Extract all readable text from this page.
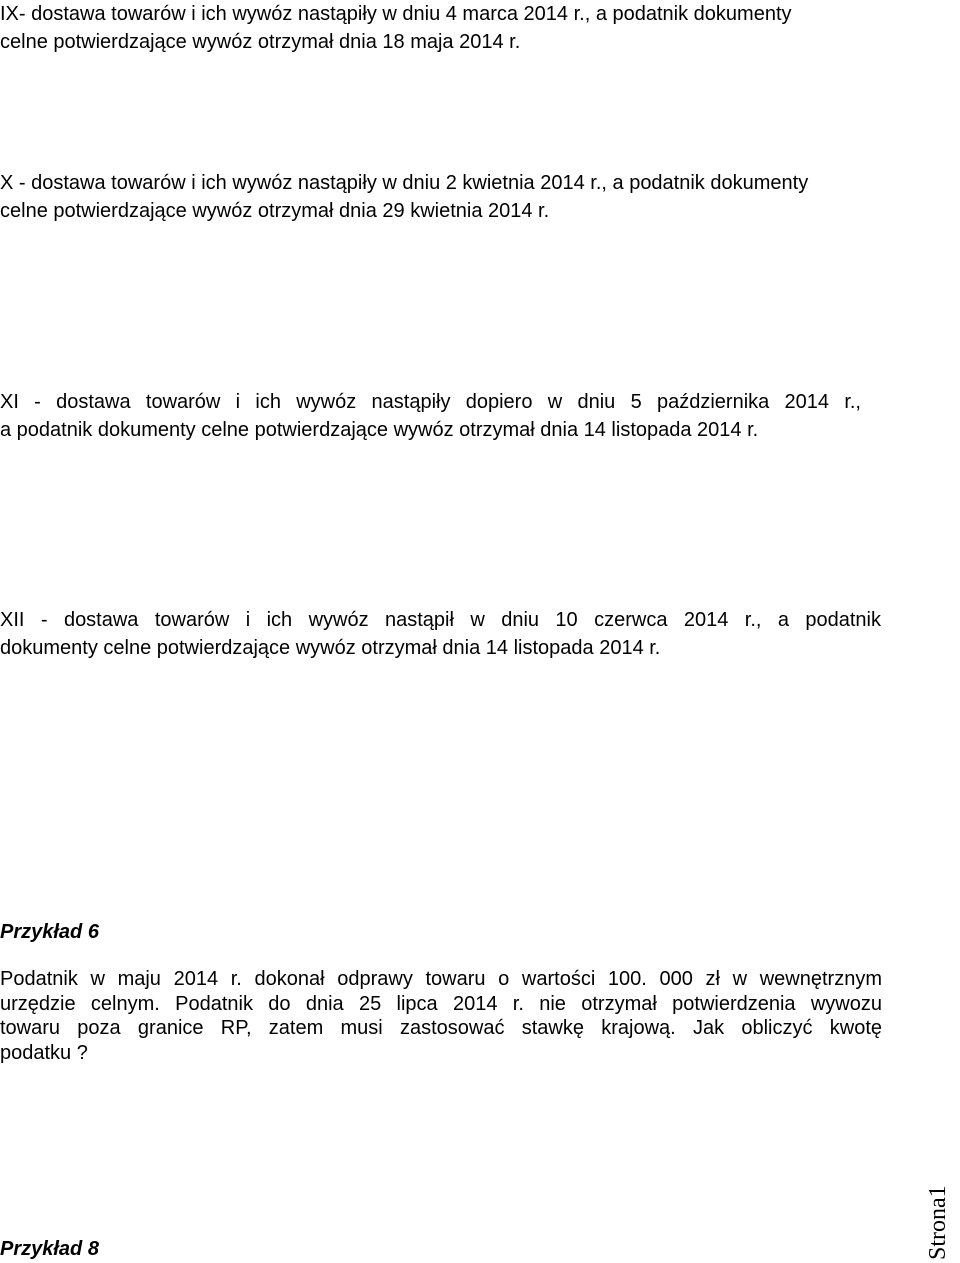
IX- dostawa towarów i ich wywóz nastąpiły w dniu 4 marca 2014 r., a podatnik dokumenty
celne potwierdzające wywóz otrzymał dnia 18 maja 2014 r.
X - dostawa towarów i ich wywóz nastąpiły w dniu 2 kwietnia 2014 r., a podatnik dokumenty
celne potwierdzające wywóz otrzymał dnia 29 kwietnia 2014 r.
XI - dostawa towarów i ich wywóz nastąpiły dopiero w dniu 5 października 2014 r.,
a podatnik dokumenty celne potwierdzające wywóz otrzymał dnia 14 listopada 2014 r.
XII - dostawa towarów i ich wywóz nastąpił w dniu 10 czerwca 2014 r., a podatnik
dokumenty celne potwierdzające wywóz otrzymał dnia 14 listopada 2014 r.
Przykład 6
Podatnik w maju 2014 r. dokonał odprawy towaru o wartości 100. 000 zł w wewnętrznym
urzędzie celnym. Podatnik do dnia 25 lipca 2014 r. nie otrzymał potwierdzenia wywozu
towaru poza granice RP, zatem musi zastosować stawkę krajową. Jak obliczyć kwotę
podatku ?
Przykład 8	Strona1
